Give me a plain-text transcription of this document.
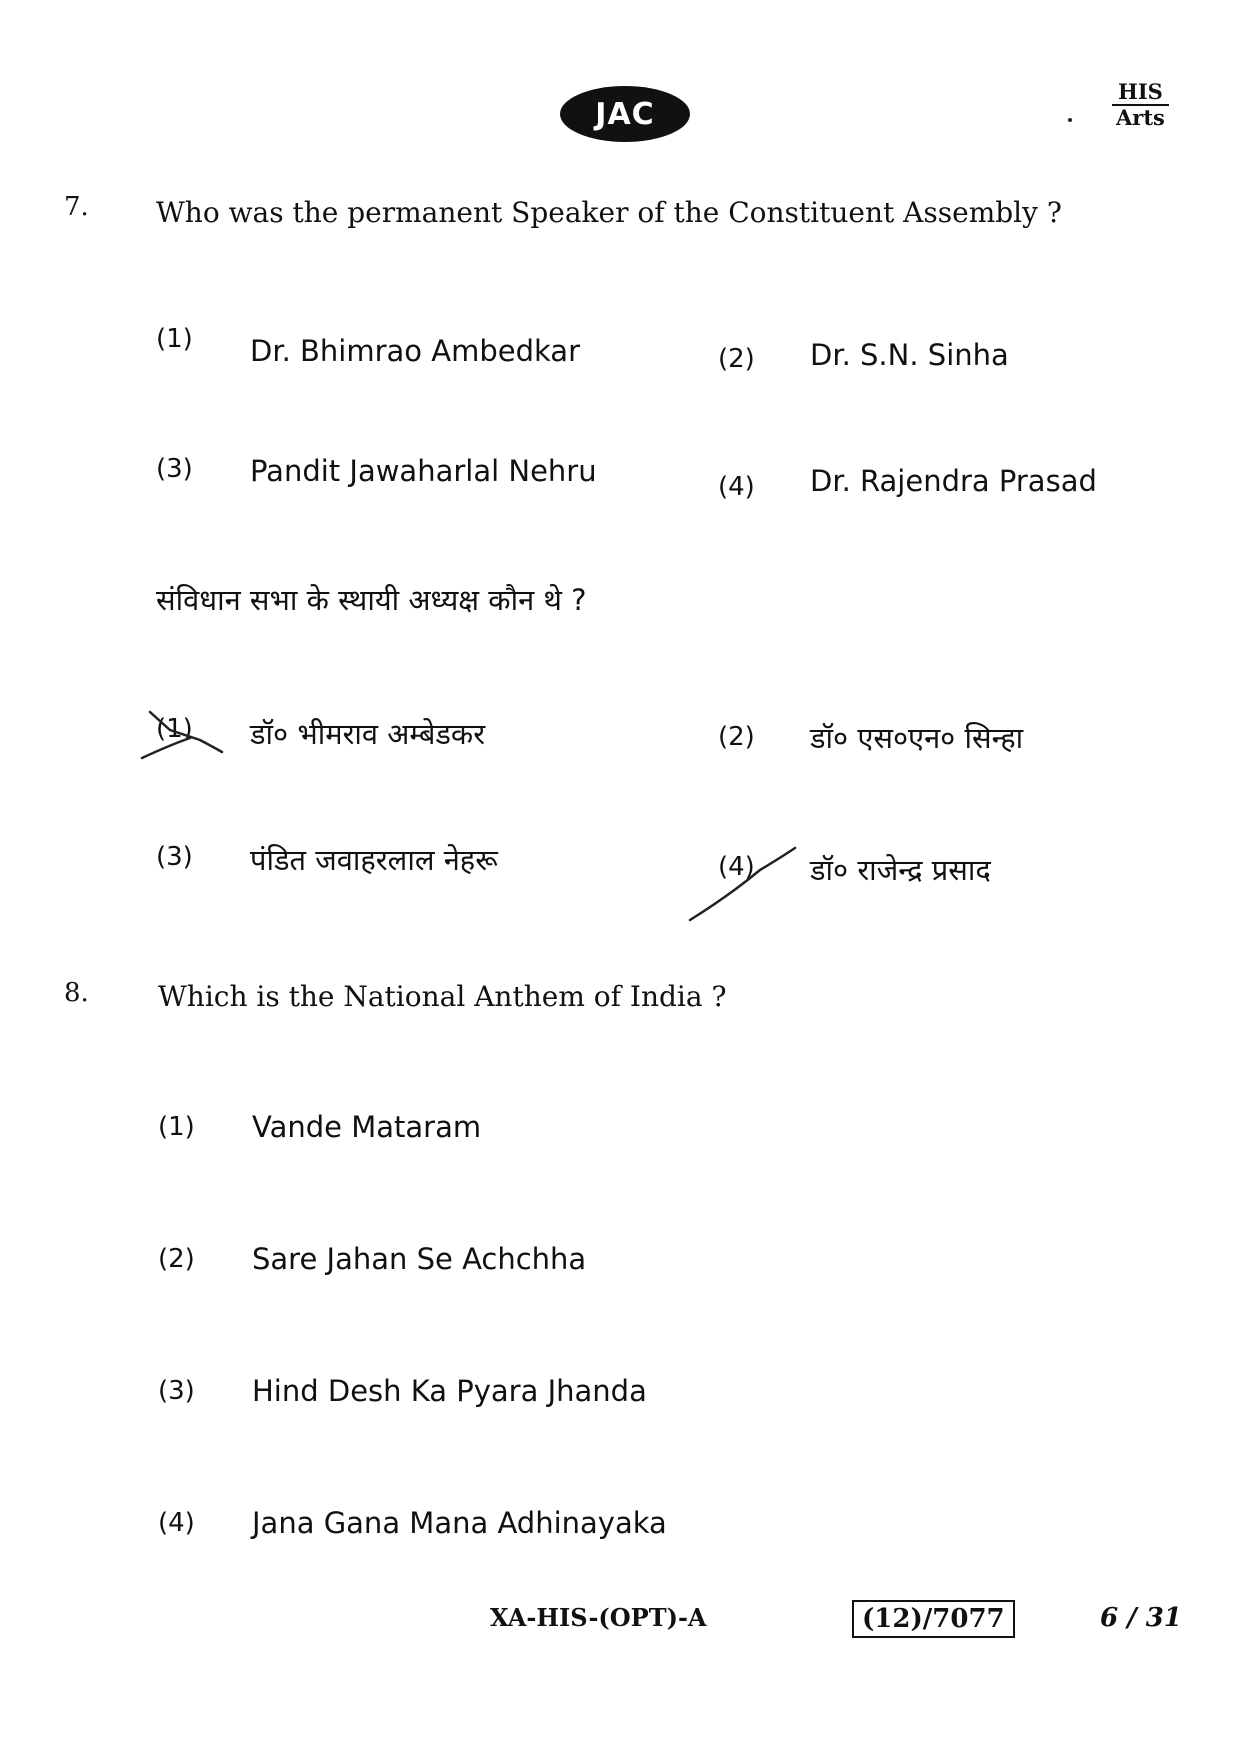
JAC
HIS
Arts
7. Who was the permanent Speaker of the Constituent Assembly ?
(1) Dr. Bhimrao Ambedkar	(2) Dr. S.N. Sinha
(3) Pandit Jawaharlal Nehru	(4) Dr. Rajendra Prasad
संविधान सभा के स्थायी अध्यक्ष कौन थे ?
(1) डॉ० भीमराव अम्बेडकर	(2) डॉ० एस०एन० सिन्हा
(3) पंडित जवाहरलाल नेहरू	(4) डॉ० राजेन्द्र प्रसाद
8. Which is the National Anthem of India ?
(1) Vande Mataram
(2) Sare Jahan Se Achchha
(3) Hind Desh Ka Pyara Jhanda
(4) Jana Gana Mana Adhinayaka
XA-HIS-(OPT)-A	(12)/7077	6 / 31
